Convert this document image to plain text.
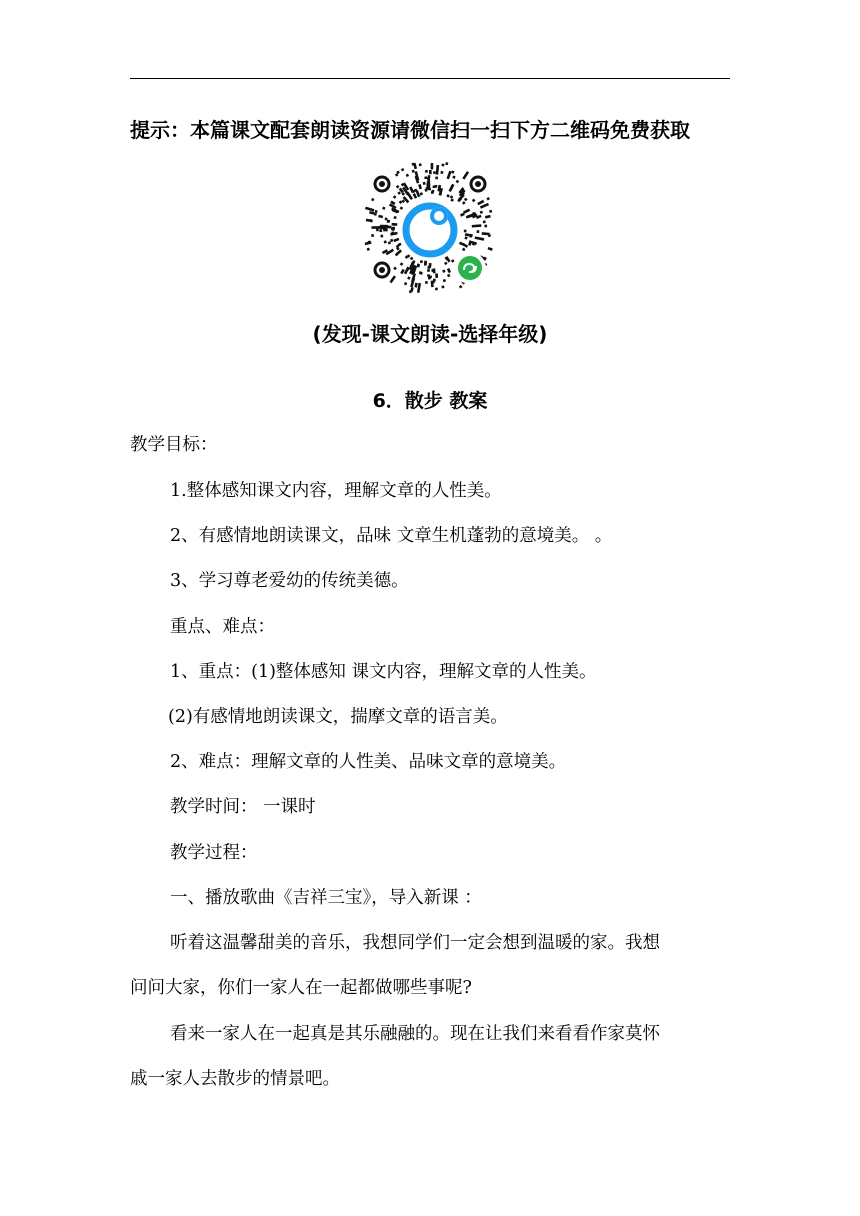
提示：本篇课文配套朗读资源请微信扫一扫下方二维码免费获取
(发现-课文朗读-选择年级)
6．散步 教案
教学目标：
1.整体感知课文内容，理解文章的人性美。
2、有感情地朗读课文，品味 文章生机蓬勃的意境美。 。
3、学习尊老爱幼的传统美德。
重点、难点：
1、重点：(1)整体感知 课文内容，理解文章的人性美。
(2)有感情地朗读课文，揣摩文章的语言美。
2、难点：理解文章的人性美、品味文章的意境美。
教学时间： 一课时
教学过程：
一、播放歌曲《吉祥三宝》，导入新课 ：
听着这温馨甜美的音乐，我想同学们一定会想到温暖的家。我想
问问大家，你们一家人在一起都做哪些事呢?
看来一家人在一起真是其乐融融的。现在让我们来看看作家莫怀
戚一家人去散步的情景吧。
